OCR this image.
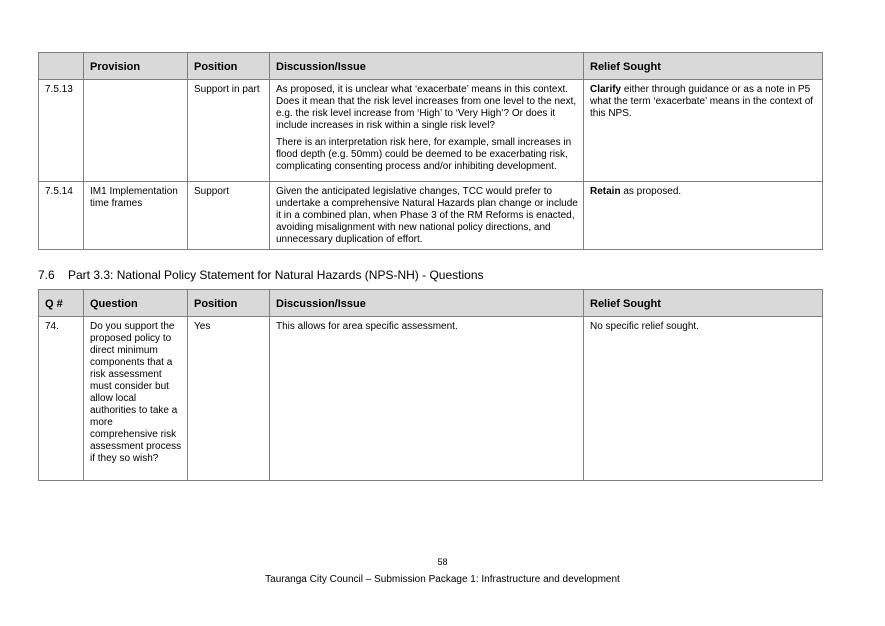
	Provision	Position	Discussion/Issue	Relief Sought
7.5.13		Support in part	As proposed, it is unclear what ‘exacerbate’ means in this context. Does it mean that the risk level increases from one level to the next, e.g. the risk level increase from ‘High’ to ‘Very High’? Or does it include increases in risk within a single risk level?

There is an interpretation risk here, for example, small increases in flood depth (e.g. 50mm) could be deemed to be exacerbating risk, complicating consenting process and/or inhibiting development.	Clarify either through guidance or as a note in P5 what the term ‘exacerbate’ means in the context of this NPS.
7.5.14	IM1 Implementation time frames	Support	Given the anticipated legislative changes, TCC would prefer to undertake a comprehensive Natural Hazards plan change or include it in a combined plan, when Phase 3 of the RM Reforms is enacted, avoiding misalignment with new national policy directions, and unnecessary duplication of effort.	Retain as proposed.
7.6 Part 3.3: National Policy Statement for Natural Hazards (NPS-NH) - Questions
Q #	Question	Position	Discussion/Issue	Relief Sought
74.	Do you support the proposed policy to direct minimum components that a risk assessment must consider but allow local authorities to take a more comprehensive risk assessment process if they so wish?	Yes	This allows for area specific assessment.	No specific relief sought.
58
Tauranga City Council – Submission Package 1: Infrastructure and development
